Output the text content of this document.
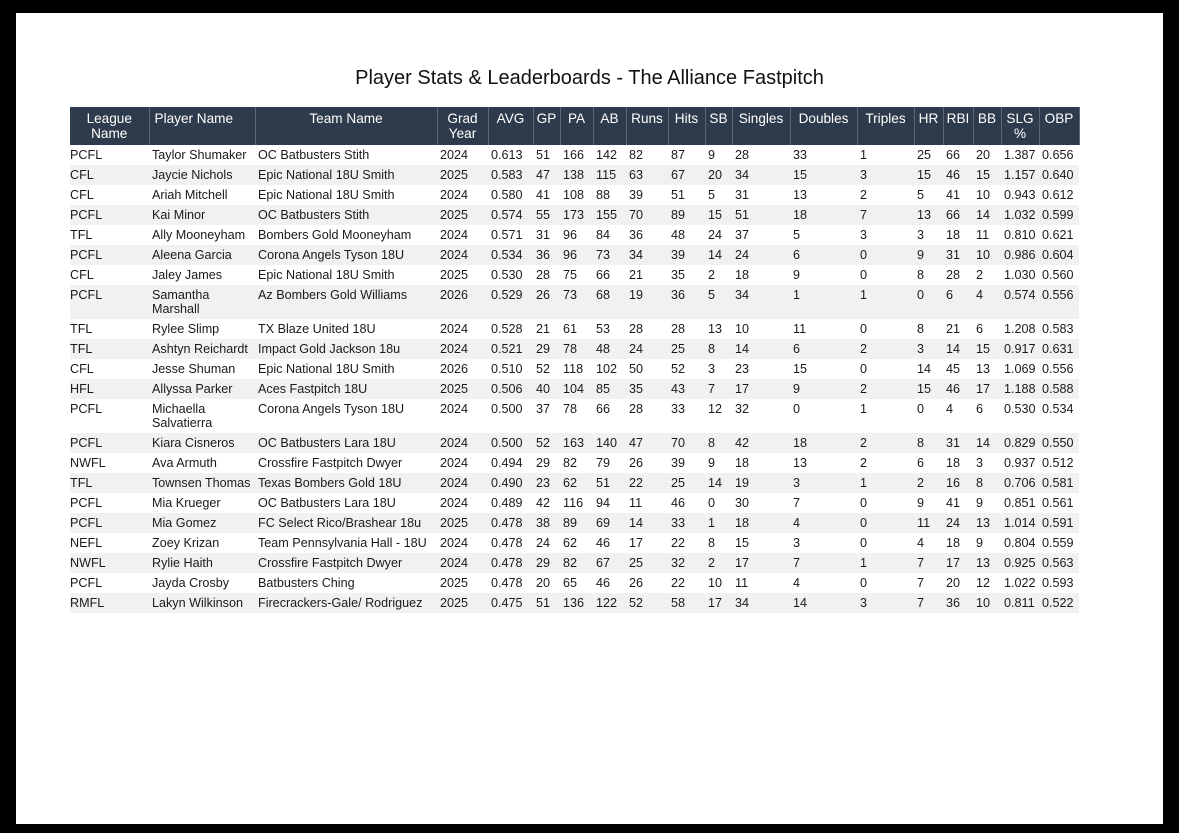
Player Stats & Leaderboards - The Alliance Fastpitch
League Name	Player Name	Team Name	Grad Year	AVG	GP	PA	AB	Runs	Hits	SB	Singles	Doubles	Triples	HR	RBI	BB	SLG %	OBP
PCFL	Taylor Shumaker	OC Batbusters Stith	2024	0.613	51	166	142	82	87	9	28	33	1	25	66	20	1.387	0.656
CFL	Jaycie Nichols	Epic National 18U Smith	2025	0.583	47	138	115	63	67	20	34	15	3	15	46	15	1.157	0.640
CFL	Ariah Mitchell	Epic National 18U Smith	2024	0.580	41	108	88	39	51	5	31	13	2	5	41	10	0.943	0.612
PCFL	Kai Minor	OC Batbusters Stith	2025	0.574	55	173	155	70	89	15	51	18	7	13	66	14	1.032	0.599
TFL	Ally Mooneyham	Bombers Gold Mooneyham	2024	0.571	31	96	84	36	48	24	37	5	3	3	18	11	0.810	0.621
PCFL	Aleena Garcia	Corona Angels Tyson 18U	2024	0.534	36	96	73	34	39	14	24	6	0	9	31	10	0.986	0.604
CFL	Jaley James	Epic National 18U Smith	2025	0.530	28	75	66	21	35	2	18	9	0	8	28	2	1.030	0.560
PCFL	Samantha Marshall	Az Bombers Gold Williams	2026	0.529	26	73	68	19	36	5	34	1	1	0	6	4	0.574	0.556
TFL	Rylee Slimp	TX Blaze United 18U	2024	0.528	21	61	53	28	28	13	10	11	0	8	21	6	1.208	0.583
TFL	Ashtyn Reichardt	Impact Gold Jackson 18u	2024	0.521	29	78	48	24	25	8	14	6	2	3	14	15	0.917	0.631
CFL	Jesse Shuman	Epic National 18U Smith	2026	0.510	52	118	102	50	52	3	23	15	0	14	45	13	1.069	0.556
HFL	Allyssa Parker	Aces Fastpitch 18U	2025	0.506	40	104	85	35	43	7	17	9	2	15	46	17	1.188	0.588
PCFL	Michaella Salvatierra	Corona Angels Tyson 18U	2024	0.500	37	78	66	28	33	12	32	0	1	0	4	6	0.530	0.534
PCFL	Kiara Cisneros	OC Batbusters Lara 18U	2024	0.500	52	163	140	47	70	8	42	18	2	8	31	14	0.829	0.550
NWFL	Ava Armuth	Crossfire Fastpitch Dwyer	2024	0.494	29	82	79	26	39	9	18	13	2	6	18	3	0.937	0.512
TFL	Townsen Thomas	Texas Bombers Gold 18U	2024	0.490	23	62	51	22	25	14	19	3	1	2	16	8	0.706	0.581
PCFL	Mia Krueger	OC Batbusters Lara 18U	2024	0.489	42	116	94	11	46	0	30	7	0	9	41	9	0.851	0.561
PCFL	Mia Gomez	FC Select Rico/Brashear 18u	2025	0.478	38	89	69	14	33	1	18	4	0	11	24	13	1.014	0.591
NEFL	Zoey Krizan	Team Pennsylvania Hall - 18U	2024	0.478	24	62	46	17	22	8	15	3	0	4	18	9	0.804	0.559
NWFL	Rylie Haith	Crossfire Fastpitch Dwyer	2024	0.478	29	82	67	25	32	2	17	7	1	7	17	13	0.925	0.563
PCFL	Jayda Crosby	Batbusters Ching	2025	0.478	20	65	46	26	22	10	11	4	0	7	20	12	1.022	0.593
RMFL	Lakyn Wilkinson	Firecrackers-Gale/ Rodriguez	2025	0.475	51	136	122	52	58	17	34	14	3	7	36	10	0.811	0.522
